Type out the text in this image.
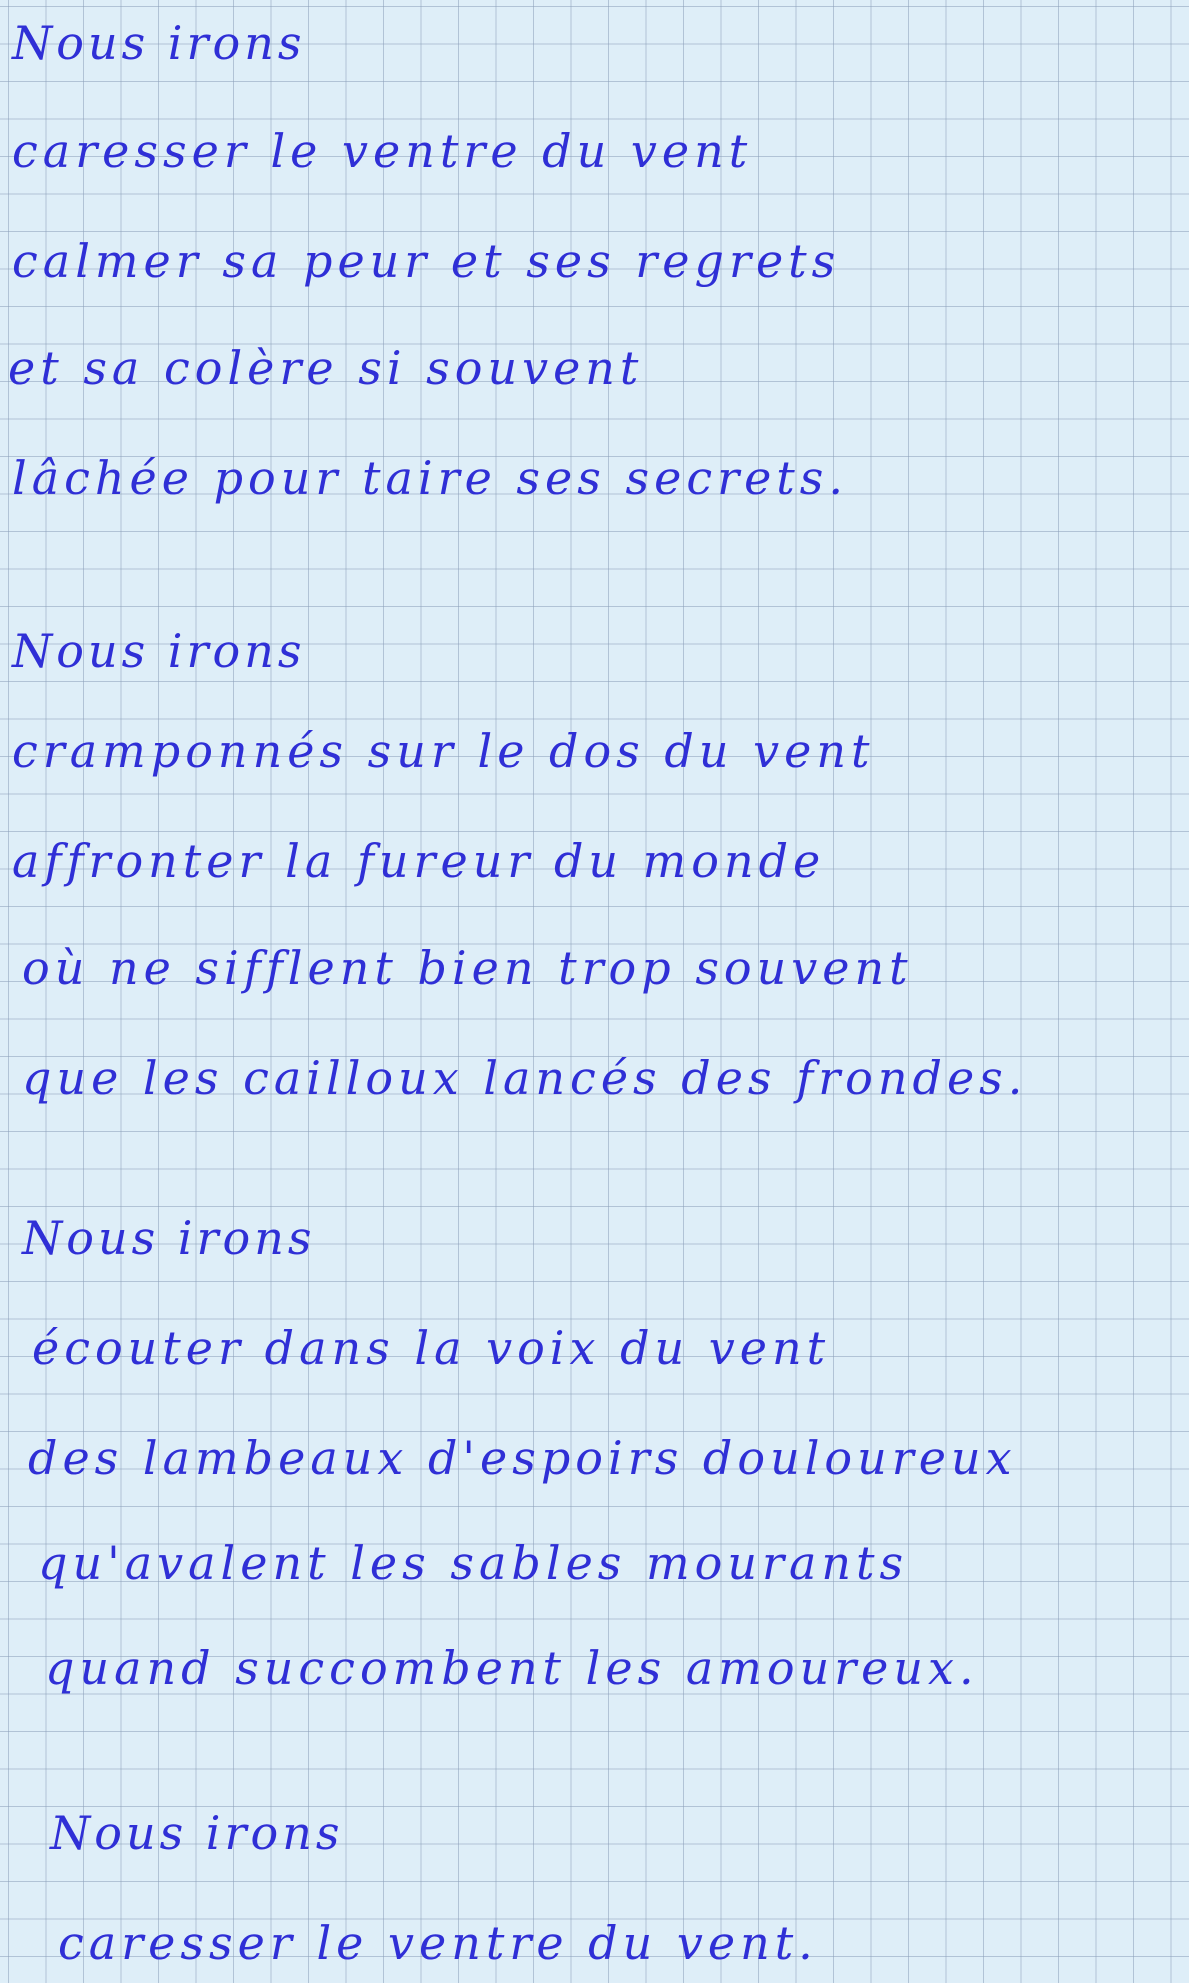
Nous irons
caresser le ventre du vent
calmer sa peur et ses regrets
et sa colère si souvent
lâchée pour taire ses secrets.
Nous irons
cramponnés sur le dos du vent
affronter la fureur du monde
où ne sifflent bien trop souvent
que les cailloux lancés des frondes.
Nous irons
écouter dans la voix du vent
des lambeaux d'espoirs douloureux
qu'avalent les sables mourants
quand succombent les amoureux.
Nous irons
caresser le ventre du vent.
